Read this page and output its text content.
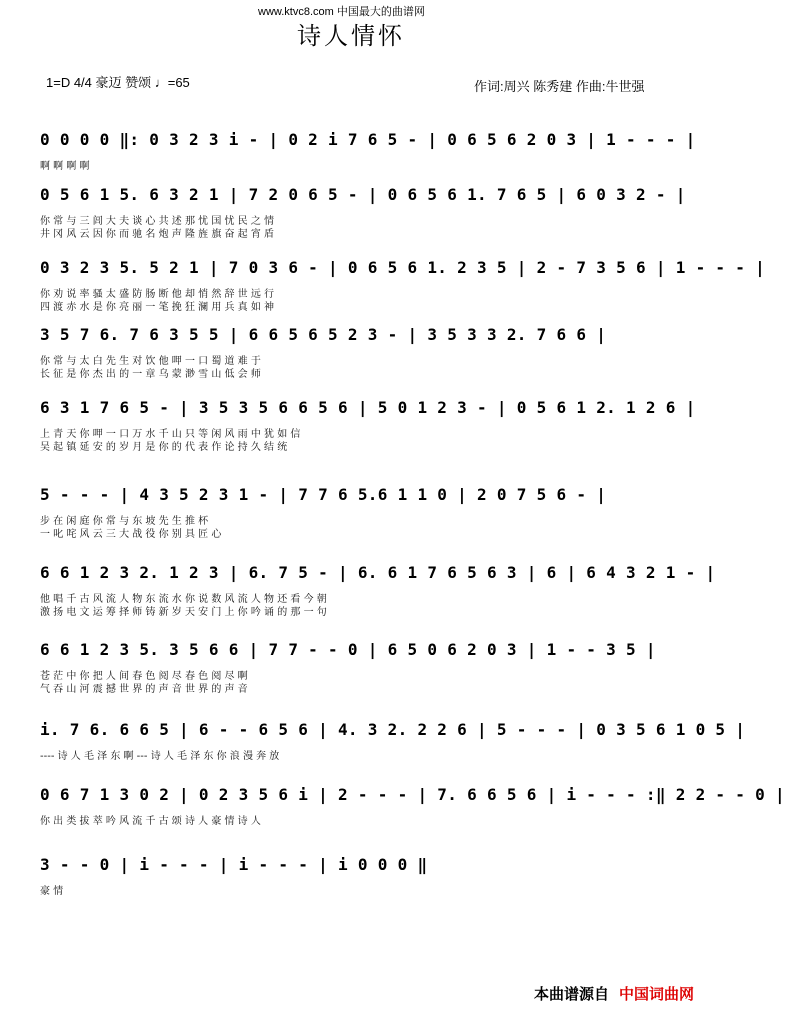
www.ktvc8.com 中国最大的曲谱网
诗人情怀
1=D 4/4 豪迈 赞颂 ♩=65	作词:周兴 陈秀建 作曲:牛世强
0 0 0 0 ‖: 0 3 2 3 i - | 0 2 i 7 6 5 - | 0 6 5 6 2 0 3 | 1 - - - |
啊 啊 啊 啊
0 5 6 1 5. 6 3 2 1 | 7 2 0 6 5 - | 0 6 5 6 1. 7 6 5 | 6 0 3 2 - |
你 常 与 三 闾 大 夫 谈 心 共 述 那 忧 国 忧 民 之 情
井 冈 风 云 因 你 而 驰 名 炮 声 隆 旌 旗 奋 起 宵 盾
0 3 2 3 5. 5 2 1 | 7 0 3 6 - | 0 6 5 6 1. 2 3 5 | 2 - 7 3 5 6 | 1 - - - |
你 劝 说 率 骚 太 盛 防 肠 断 他 却 悄 然 辞 世 远 行
四 渡 赤 水 是 你 亮 丽 一 笔 挽 狂 澜 用 兵 真 如 神
3 5 7 6. 7 6 3 5 5 | 6 6 5 6 5 2 3 - | 3 5 3 3 2. 7 6 6 |
你 常 与 太 白 先 生 对 饮 他 呷 一 口 蜀 道 难 于
长 征 是 你 杰 出 的 一 章 乌 蒙 渺 雪 山 低 会 师
6 3 1 7 6 5 - | 3 5 3 5 6 6 5 6 | 5 0 1 2 3 - | 0 5 6 1 2. 1 2 6 |
上 青 天 你 呷 一 口 万 水 千 山 只 等 闲 风 雨 中 犹 如 信
吴 起 镇 延 安 的 岁 月 是 你 的 代 表 作 论 持 久 结 统
5 - - - | 4 3 5 2 3 1 - | 7 7 6 5.6 1 1 0 | 2 0 7 5 6 - |
步 在 闲 庭 你 常 与 东 坡 先 生 推 杯
一 叱 咤 风 云 三 大 战 役 你 别 具 匠 心
6 6 1 2 3 2. 1 2 3 | 6. 7 5 - | 6. 6 1 7 6 5 6 3 | 6 | 6 4 3 2 1 - |
他 唱 千 古 风 流 人 物 东 流 水 你 说 数 风 流 人 物 还 看 今 朝
激 扬 电 文 运 筹 择 师 铸 新 岁 天 安 门 上 你 吟 诵 的 那 一 句
6 6 1 2 3 5. 3 5 6 6 | 7 7 - - 0 | 6 5 0 6 2 0 3 | 1 - - 3 5 |
苍 茫 中 你 把 人 间 春 色 阅 尽 春 色 阅 尽 啊
气 吞 山 河 震 撼 世 界 的 声 音 世 界 的 声 音
i. 7 6. 6 6 5 | 6 - - 6 5 6 | 4. 3 2. 2 2 6 | 5 - - - | 0 3 5 6 1 0 5 |
---- 诗 人 毛 泽 东 啊 --- 诗 人 毛 泽 东 你 浪 漫 奔 放
0 6 7 1 3 0 2 | 0 2 3 5 6 i | 2 - - - | 7. 6 6 5 6 | i - - - :‖ 2 2 - - 0 |
你 出 类 拔 萃 吟 风 流 千 古 颂 诗 人 豪 情 诗 人
3 - - 0 | i - - - | i - - - | i 0 0 0 ‖
豪 情
本曲谱源自 中国词曲网
